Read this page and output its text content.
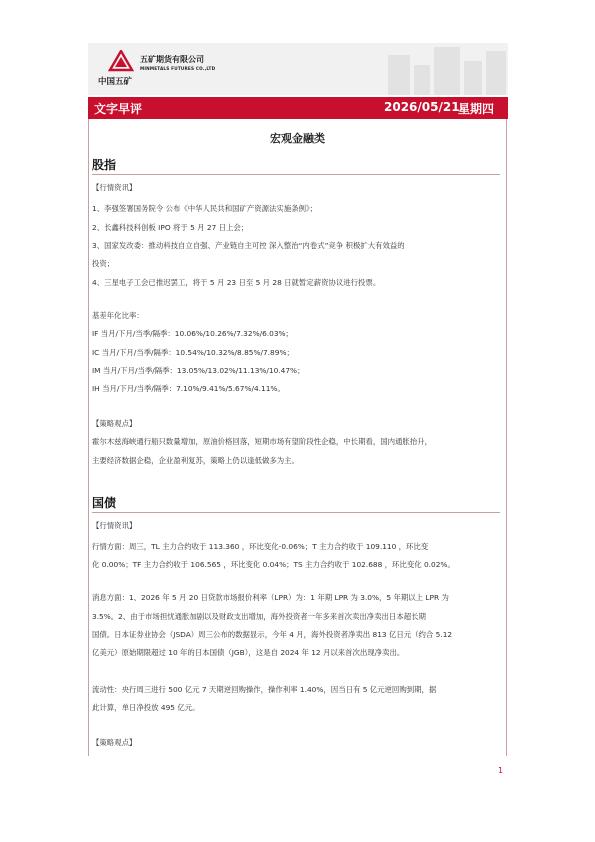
中国五矿
五矿期货有限公司
MINMETALS FUTURES CO.,LTD
文字早评	2026/05/21
星期四
宏观金融类
股指
【行情资讯】
1、李强签署国务院令 公布《中华人民共和国矿产资源法实施条例》；
2、长鑫科技科创板 IPO 将于 5 月 27 日上会；
3、国家发改委：推动科技自立自强、产业链自主可控 深入整治“内卷式”竞争 积极扩大有效益的
投资；
4、三星电子工会已推迟罢工，将于 5 月 23 日至 5 月 28 日就暂定薪资协议进行投票。
基差年化比率：
IF 当月/下月/当季/隔季：10.06%/10.26%/7.32%/6.03%；
IC 当月/下月/当季/隔季：10.54%/10.32%/8.85%/7.89%；
IM 当月/下月/当季/隔季：13.05%/13.02%/11.13%/10.47%；
IH 当月/下月/当季/隔季：7.10%/9.41%/5.67%/4.11%。
【策略观点】
霍尔木兹海峡通行船只数量增加，原油价格回落，短期市场有望阶段性企稳，中长期看，国内通胀抬升，
主要经济数据企稳，企业盈利复苏，策略上仍以逢低做多为主。
国债
【行情资讯】
行情方面：周三，TL 主力合约收于 113.360 ，环比变化-0.06%；T 主力合约收于 109.110 ，环比变
化 0.00%；TF 主力合约收于 106.565 ，环比变化 0.04%；TS 主力合约收于 102.688 ，环比变化 0.02%。
消息方面：1、2026 年 5 月 20 日贷款市场报价利率（LPR）为：1 年期 LPR 为 3.0%，5 年期以上 LPR 为
3.5%。2、由于市场担忧通胀加剧以及财政支出增加，海外投资者一年多来首次卖出净卖出日本超长期
国债。日本证券业协会（JSDA）周三公布的数据显示，今年 4 月，海外投资者净卖出 813 亿日元（约合 5.12
亿美元）原始期限超过 10 年的日本国债（JGB），这是自 2024 年 12 月以来首次出现净卖出。
流动性：央行周三进行 500 亿元 7 天期逆回购操作，操作利率 1.40%，因当日有 5 亿元逆回购到期，据
此计算，单日净投放 495 亿元。
【策略观点】
1
